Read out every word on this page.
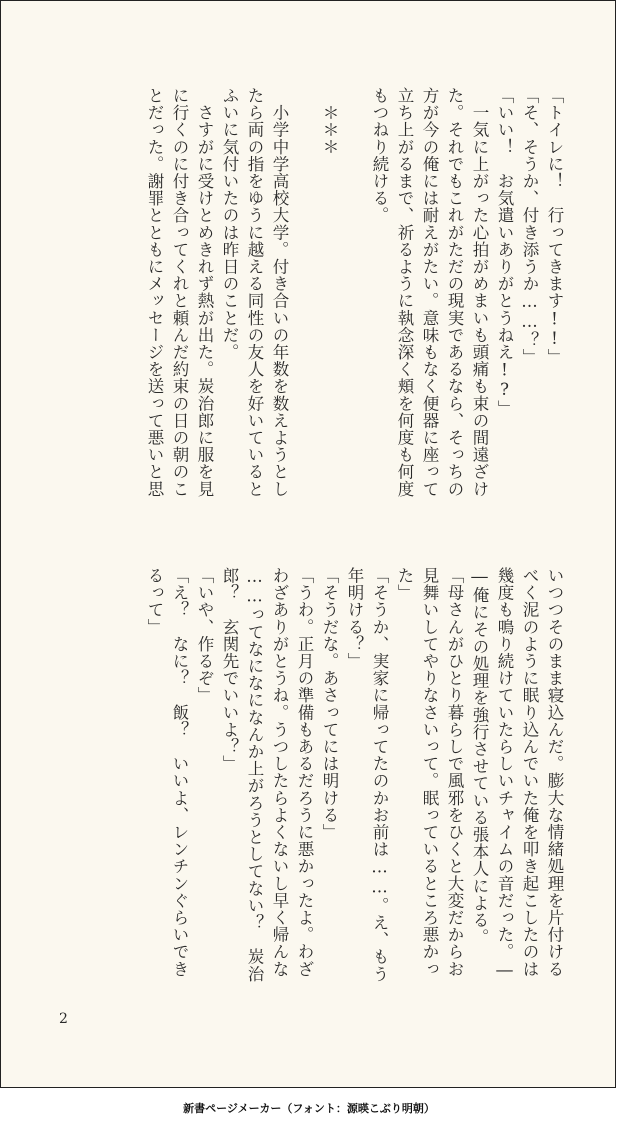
「トイレに！　行ってきます!!」
「そ、そうか、付き添うか……？」
「いい！　お気遣いありがとうねえ!?」
　一気に上がった心拍がめまいも頭痛も束の間遠ざけ
た。それでもこれがただの現実であるなら、そっちの
方が今の俺には耐えがたい。意味もなく便器に座って
立ち上がるまで、祈るように執念深く頬を何度も何度
もつねり続ける。

　＊＊＊

　小学中学高校大学。付き合いの年数を数えようとし
たら両の指をゆうに越える同性の友人を好いていると
ふいに気付いたのは昨日のことだ。
　さすがに受けとめきれず熱が出た。炭治郎に服を見
に行くのに付き合ってくれと頼んだ約束の日の朝のこ
とだった。謝罪とともにメッセージを送って悪いと思
いつつそのまま寝込んだ。膨大な情緒処理を片付ける
べく泥のように眠り込んでいた俺を叩き起こしたのは
幾度も鳴り続けていたらしいチャイムの音だった。―
―俺にその処理を強行させている張本人による。
「母さんがひとり暮らしで風邪をひくと大変だからお
見舞いしてやりなさいって。眠っているところ悪かっ
た」
「そうか、実家に帰ってたのかお前は……。え、もう
年明ける？」
「そうだな。あさってには明ける」
「うわ。正月の準備もあるだろうに悪かったよ。わざ
わざありがとうね。うつしたらよくないし早く帰んな
……ってなになになんか上がろうとしてない？　炭治
郎？　玄関先でいいよ？」
「いや、作るぞ」
「え？　なに？　飯？　いいよ、レンチンぐらいでき
るって」
2
新書ページメーカー（フォント：源暎こぶり明朝）
